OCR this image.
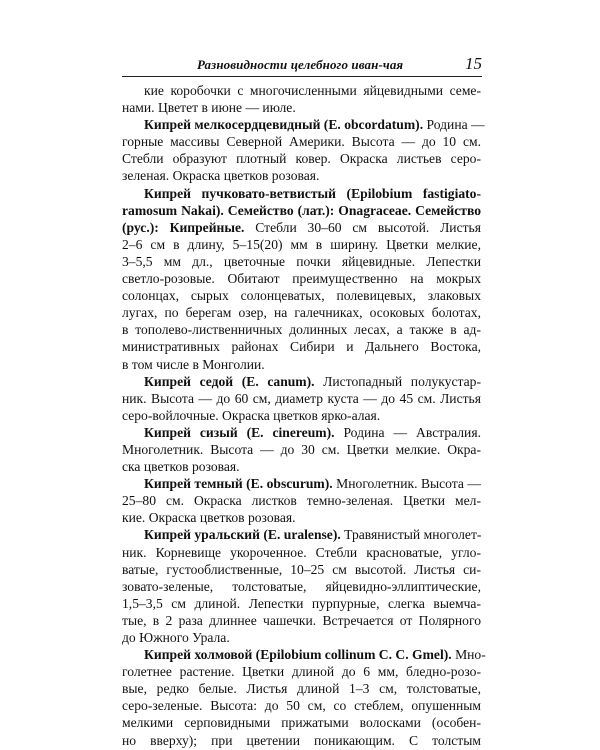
Разновидности целебного иван-чая	15
кие коробочки с многочисленными яйцевидными семе-
нами. Цветет в июне — июле.
Кипрей мелкосердцевидный (E. obcordatum). Родина —
горные массивы Северной Америки. Высота — до 10 см.
Стебли образуют плотный ковер. Окраска листьев серо-
зеленая. Окраска цветков розовая.
Кипрей пучковато-ветвистый (Epilobium fastigiato-
ramosum Nakai). Семейство (лат.): Onagraceae. Семейство
(рус.): Кипрейные. Стебли 30–60 см высотой. Листья
2–6 см в длину, 5–15(20) мм в ширину. Цветки мелкие,
3–5,5 мм дл., цветочные почки яйцевидные. Лепестки
светло-розовые. Обитают преимущественно на мокрых
солонцах, сырых солонцеватых, полевицевых, злаковых
лугах, по берегам озер, на галечниках, осоковых болотах,
в тополево-лиственничных долинных лесах, а также в ад-
министративных районах Сибири и Дальнего Востока,
в том числе в Монголии.
Кипрей седой (E. canum). Листопадный полукустар-
ник. Высота — до 60 см, диаметр куста — до 45 см. Листья
серо-войлочные. Окраска цветков ярко-алая.
Кипрей сизый (E. cinereum). Родина — Австралия.
Многолетник. Высота — до 30 см. Цветки мелкие. Окра-
ска цветков розовая.
Кипрей темный (E. obscurum). Многолетник. Высота —
25–80 см. Окраска листков темно-зеленая. Цветки мел-
кие. Окраска цветков розовая.
Кипрей уральский (E. uralense). Травянистый многолет-
ник. Корневище укороченное. Стебли красноватые, угло-
ватые, густооблиственные, 10–25 см высотой. Листья си-
зовато-зеленые, толстоватые, яйцевидно-эллиптические,
1,5–3,5 см длиной. Лепестки пурпурные, слегка выемча-
тые, в 2 раза длиннее чашечки. Встречается от Полярного
до Южного Урала.
Кипрей холмовой (Epilobium collinum C. C. Gmel). Мно-
голетнее растение. Цветки длиной до 6 мм, бледно-розо-
вые, редко белые. Листья длиной 1–3 см, толстоватые,
серо-зеленые. Высота: до 50 см, со стеблем, опушенным
мелкими серповидными прижатыми волосками (особен-
но вверху); при цветении поникающим. С толстым
